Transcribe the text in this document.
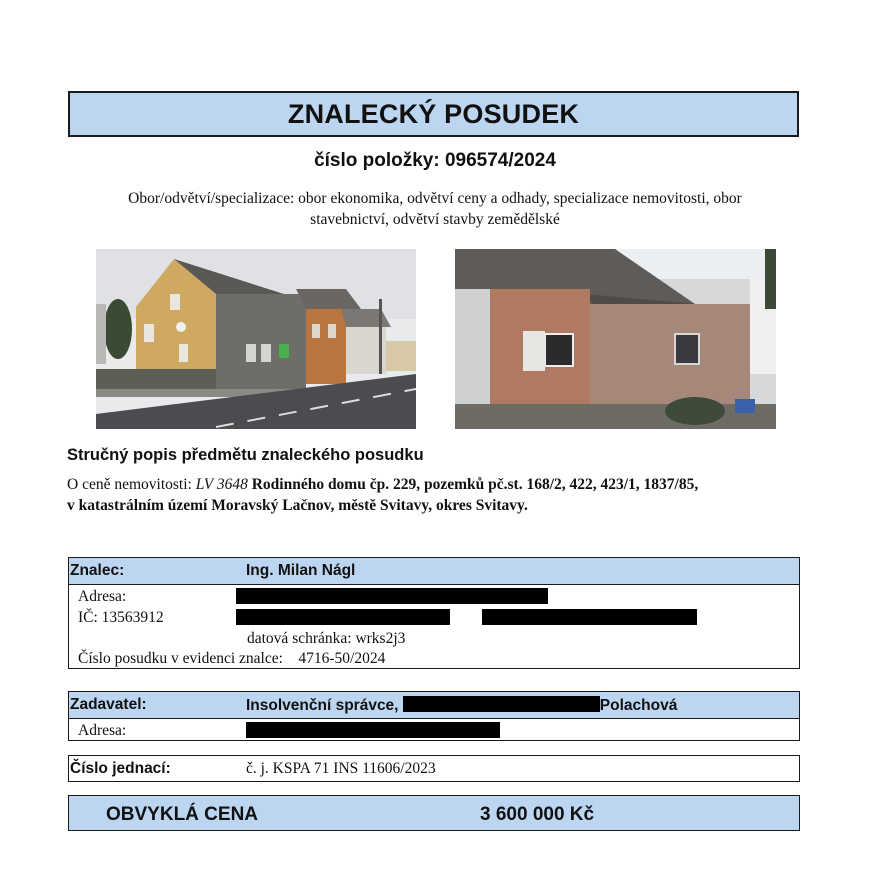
ZNALECKÝ POSUDEK
číslo položky: 096574/2024
Obor/odvětví/specializace: obor ekonomika, odvětví ceny a odhady, specializace nemovitosti, obor
stavebnictví, odvětví stavby zemědělské
Stručný popis předmětu znaleckého posudku
O ceně nemovitosti: LV 3648 Rodinného domu čp. 229, pozemků pč.st. 168/2, 422, 423/1, 1837/85,
v katastrálním území Moravský Lačnov, městě Svitavy, okres Svitavy.
Znalec:	Ing. Milan Nágl
Adresa:
IČ: 13563912
datová schránka: wrks2j3
Číslo posudku v evidenci znalce:    4716-50/2024
Zadavatel:	Insolvenční správce,	Polachová
Adresa:
Číslo jednací:	č. j. KSPA 71 INS 11606/2023
OBVYKLÁ CENA	3 600 000 Kč
